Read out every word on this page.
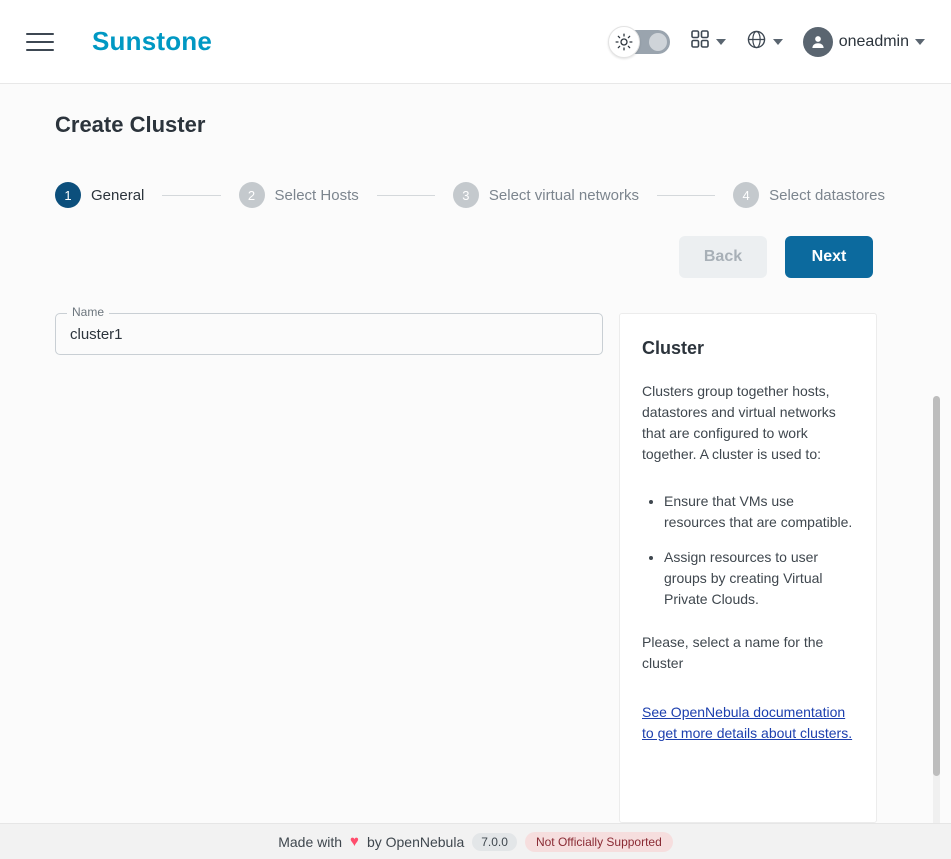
Sunstone	oneadmin
Create Cluster
1	General	2	Select Hosts	3	Select virtual networks	4	Select datastores
Back	Next
Name
cluster1
Cluster

Clusters group together hosts, datastores and virtual networks that are configured to work together. A cluster is used to:

• Ensure that VMs use resources that are compatible.
• Assign resources to user groups by creating Virtual Private Clouds.

Please, select a name for the cluster

See OpenNebula documentation to get more details about clusters.
Made with ♥ by OpenNebula	7.0.0	Not Officially Supported
